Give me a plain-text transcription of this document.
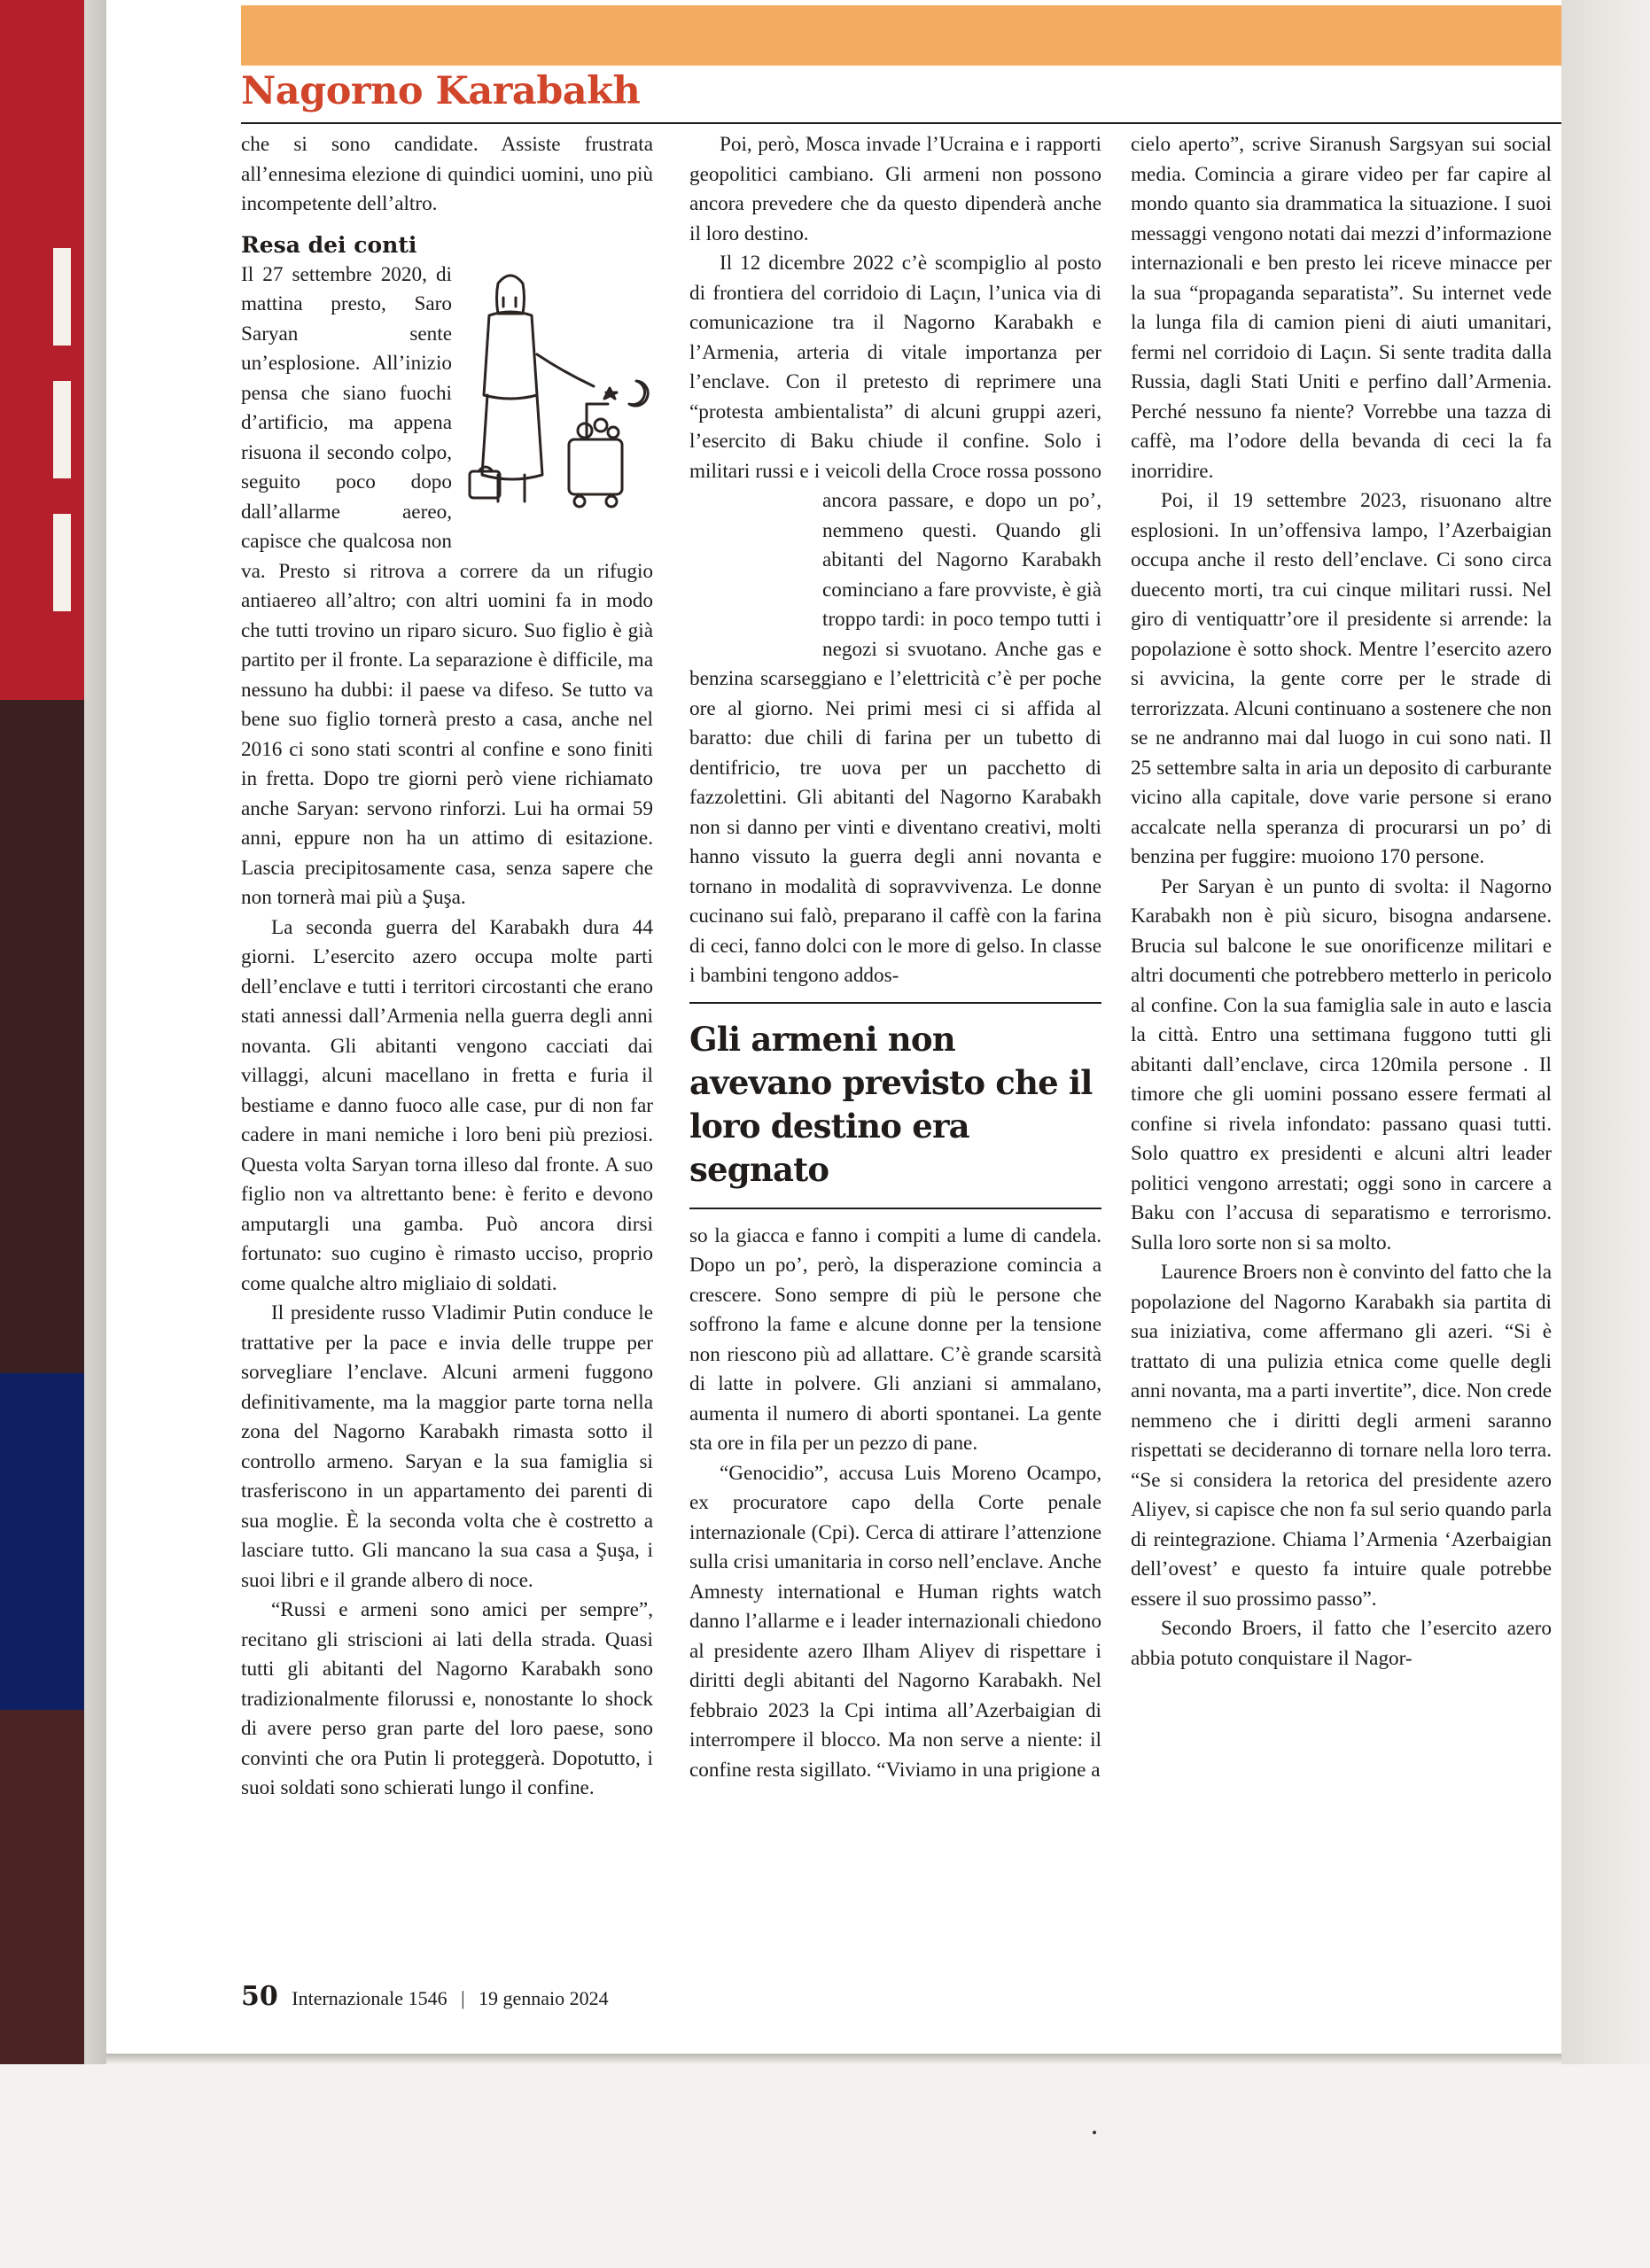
Nagorno Karabakh

che si sono candidate. Assiste frustrata all’ennesima elezione di quindici uomini, uno più incompetente dell’altro.

Resa dei conti

Il 27 settembre 2020, di mattina presto, Saro Saryan sente un’esplosione. All’inizio pensa che siano fuochi d’artificio, ma appena risuona il secondo colpo, seguito poco dopo dall’allarme aereo, capisce che qualcosa non va. Presto si ritrova a correre da un rifugio antiaereo all’altro; con altri uomini fa in modo che tutti trovino un riparo sicuro. Suo figlio è già partito per il fronte. La separazione è difficile, ma nessuno ha dubbi: il paese va difeso. Se tutto va bene suo figlio tornerà presto a casa, anche nel 2016 ci sono stati scontri al confine e sono finiti in fretta. Dopo tre giorni però viene richiamato anche Saryan: servono rinforzi. Lui ha ormai 59 anni, eppure non ha un attimo di esitazione. Lascia precipitosamente casa, senza sapere che non tornerà mai più a Şuşa.

La seconda guerra del Karabakh dura 44 giorni. L’esercito azero occupa molte parti dell’enclave e tutti i territori circostanti che erano stati annessi dall’Armenia nella guerra degli anni novanta. Gli abitanti vengono cacciati dai villaggi, alcuni macellano in fretta e furia il bestiame e danno fuoco alle case, pur di non far cadere in mani nemiche i loro beni più preziosi. Questa volta Saryan torna illeso dal fronte. A suo figlio non va altrettanto bene: è ferito e devono amputargli una gamba. Può ancora dirsi fortunato: suo cugino è rimasto ucciso, proprio come qualche altro migliaio di soldati.

Il presidente russo Vladimir Putin conduce le trattative per la pace e invia delle truppe per sorvegliare l’enclave. Alcuni armeni fuggono definitivamente, ma la maggior parte torna nella zona del Nagorno Karabakh rimasta sotto il controllo armeno. Saryan e la sua famiglia si trasferiscono in un appartamento dei parenti di sua moglie. È la seconda volta che è costretto a lasciare tutto. Gli mancano la sua casa a Şuşa, i suoi libri e il grande albero di noce.

“Russi e armeni sono amici per sempre”, recitano gli striscioni ai lati della strada. Quasi tutti gli abitanti del Nagorno Karabakh sono tradizionalmente filorussi e, nonostante lo shock di avere perso gran parte del loro paese, sono convinti che ora Putin li proteggerà. Dopotutto, i suoi soldati sono schierati lungo il confine.

Poi, però, Mosca invade l’Ucraina e i rapporti geopolitici cambiano. Gli armeni non possono ancora prevedere che da questo dipenderà anche il loro destino.

Il 12 dicembre 2022 c’è scompiglio al posto di frontiera del corridoio di Laçın, l’unica via di comunicazione tra il Nagorno Karabakh e l’Armenia, arteria di vitale importanza per l’enclave. Con il pretesto di reprimere una “protesta ambientalista” di alcuni gruppi azeri, l’esercito di Baku chiude il confine. Solo i militari russi e i veicoli della Croce rossa possono ancora passare, e dopo un po’, nemmeno questi. Quando gli abitanti del Nagorno Karabakh cominciano a fare provviste, è già troppo tardi: in poco tempo tutti i negozi si svuotano. Anche gas e benzina scarseggiano e l’elettricità c’è per poche ore al giorno. Nei primi mesi ci si affida al baratto: due chili di farina per un tubetto di dentifricio, tre uova per un pacchetto di fazzolettini. Gli abitanti del Nagorno Karabakh non si danno per vinti e diventano creativi, molti hanno vissuto la guerra degli anni novanta e tornano in modalità di sopravvivenza. Le donne cucinano sui falò, preparano il caffè con la farina di ceci, fanno dolci con le more di gelso. In classe i bambini tengono addos-

Gli armeni non avevano previsto che il loro destino era segnato

so la giacca e fanno i compiti a lume di candela. Dopo un po’, però, la disperazione comincia a crescere. Sono sempre di più le persone che soffrono la fame e alcune donne per la tensione non riescono più ad allattare. C’è grande scarsità di latte in polvere. Gli anziani si ammalano, aumenta il numero di aborti spontanei. La gente sta ore in fila per un pezzo di pane.

“Genocidio”, accusa Luis Moreno Ocampo, ex procuratore capo della Corte penale internazionale (Cpi). Cerca di attirare l’attenzione sulla crisi umanitaria in corso nell’enclave. Anche Amnesty international e Human rights watch danno l’allarme e i leader internazionali chiedono al presidente azero Ilham Aliyev di rispettare i diritti degli abitanti del Nagorno Karabakh. Nel febbraio 2023 la Cpi intima all’Azerbaigian di interrompere il blocco. Ma non serve a niente: il confine resta sigillato. “Viviamo in una prigione a

cielo aperto”, scrive Siranush Sargsyan sui social media. Comincia a girare video per far capire al mondo quanto sia drammatica la situazione. I suoi messaggi vengono notati dai mezzi d’informazione internazionali e ben presto lei riceve minacce per la sua “propaganda separatista”. Su internet vede la lunga fila di camion pieni di aiuti umanitari, fermi nel corridoio di Laçın. Si sente tradita dalla Russia, dagli Stati Uniti e perfino dall’Armenia. Perché nessuno fa niente? Vorrebbe una tazza di caffè, ma l’odore della bevanda di ceci la fa inorridire.

Poi, il 19 settembre 2023, risuonano altre esplosioni. In un’offensiva lampo, l’Azerbaigian occupa anche il resto dell’enclave. Ci sono circa duecento morti, tra cui cinque militari russi. Nel giro di ventiquattr’ore il presidente si arrende: la popolazione è sotto shock. Mentre l’esercito azero si avvicina, la gente corre per le strade di terrorizzata. Alcuni continuano a sostenere che non se ne andranno mai dal luogo in cui sono nati. Il 25 settembre salta in aria un deposito di carburante vicino alla capitale, dove varie persone si erano accalcate nella speranza di procurarsi un po’ di benzina per fuggire: muoiono 170 persone.

Per Saryan è un punto di svolta: il Nagorno Karabakh non è più sicuro, bisogna andarsene. Brucia sul balcone le sue onorificenze militari e altri documenti che potrebbero metterlo in pericolo al confine. Con la sua famiglia sale in auto e lascia la città. Entro una settimana fuggono tutti gli abitanti dall’enclave, circa 120mila persone . Il timore che gli uomini possano essere fermati al confine si rivela infondato: passano quasi tutti. Solo quattro ex presidenti e alcuni altri leader politici vengono arrestati; oggi sono in carcere a Baku con l’accusa di separatismo e terrorismo. Sulla loro sorte non si sa molto.

Laurence Broers non è convinto del fatto che la popolazione del Nagorno Karabakh sia partita di sua iniziativa, come affermano gli azeri. “Si è trattato di una pulizia etnica come quelle degli anni novanta, ma a parti invertite”, dice. Non crede nemmeno che i diritti degli armeni saranno rispettati se decideranno di tornare nella loro terra. “Se si considera la retorica del presidente azero Aliyev, si capisce che non fa sul serio quando parla di reintegrazione. Chiama l’Armenia ‘Azerbaigian dell’ovest’ e questo fa intuire quale potrebbe essere il suo prossimo passo”.

Secondo Broers, il fatto che l’esercito azero abbia potuto conquistare il Nagor-

50 Internazionale 1546 | 19 gennaio 2024
